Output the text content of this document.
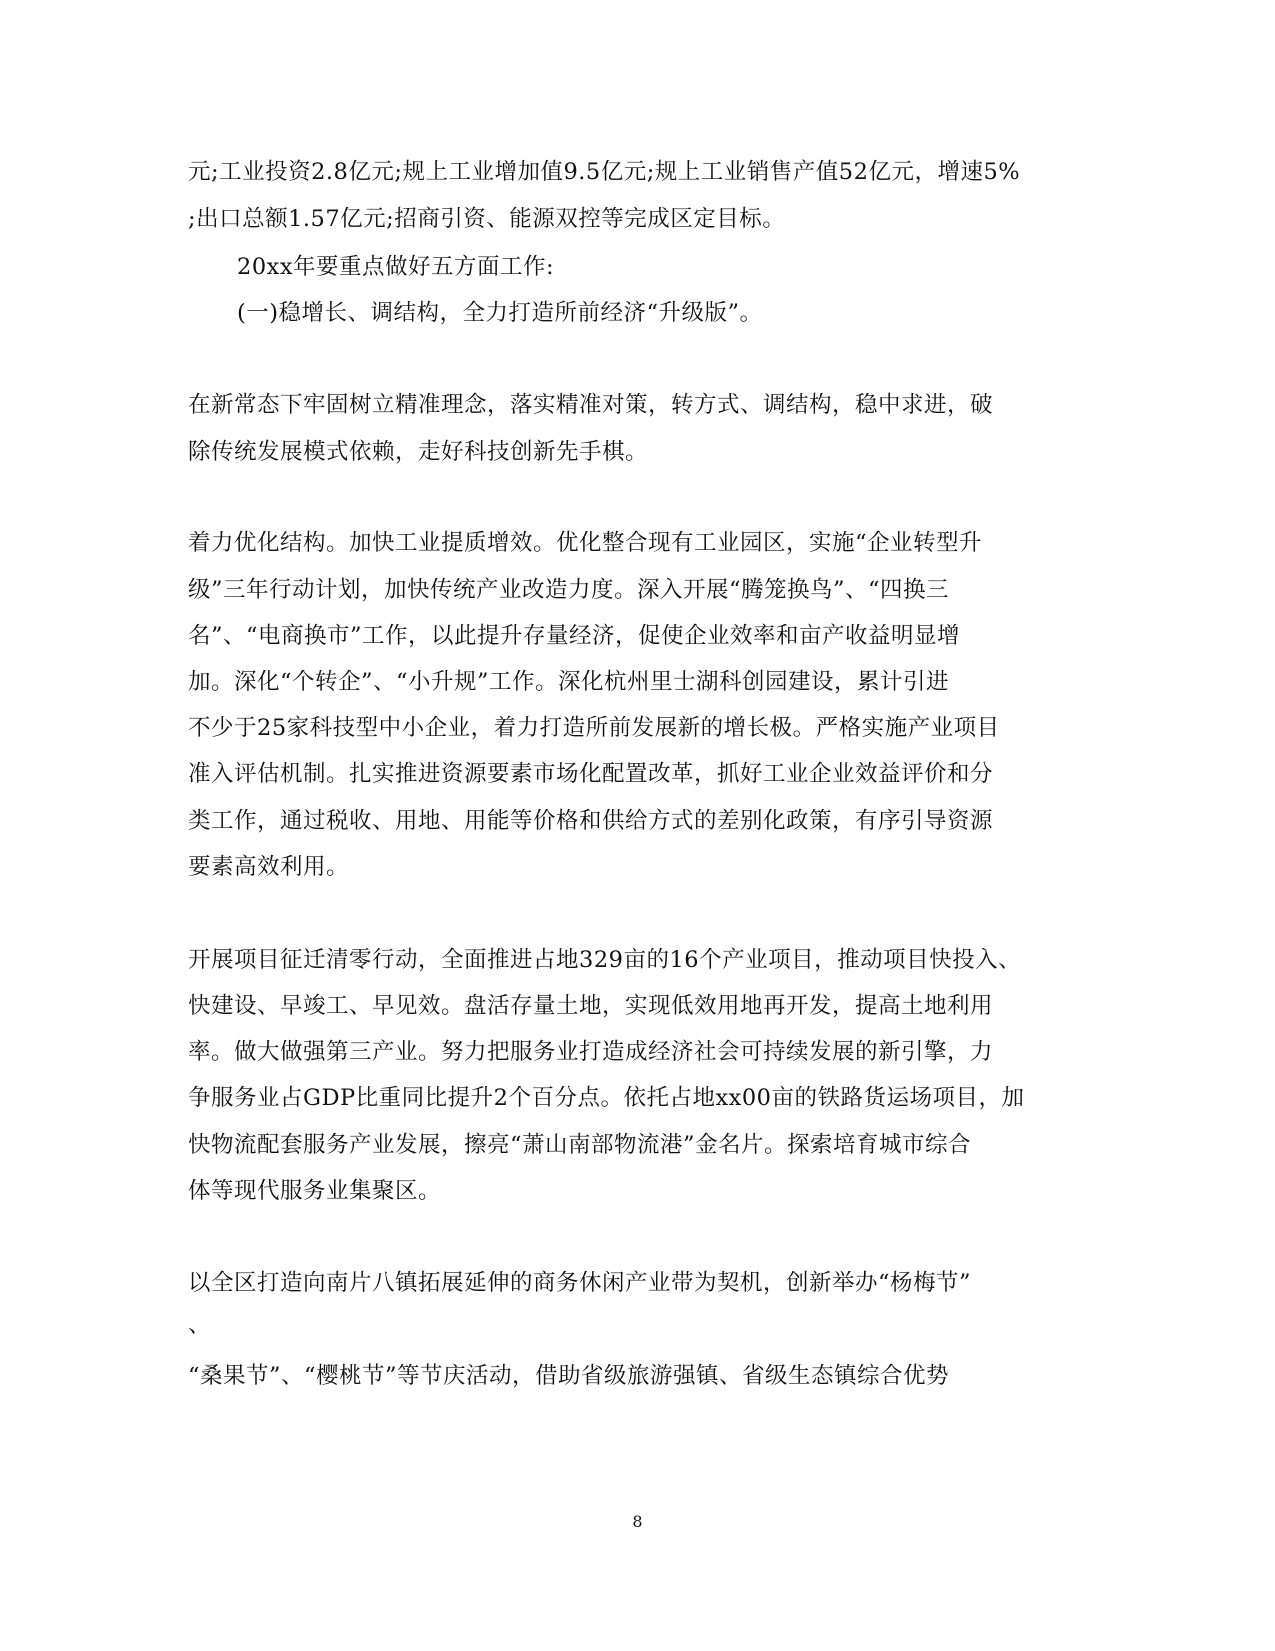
元;工业投资2.8亿元;规上工业增加值9.5亿元;规上工业销售产值52亿元，增速5%
;出口总额1.57亿元;招商引资、能源双控等完成区定目标。
20xx年要重点做好五方面工作:
(一)稳增长、调结构，全力打造所前经济“升级版”。
在新常态下牢固树立精准理念，落实精准对策，转方式、调结构，稳中求进，破
除传统发展模式依赖，走好科技创新先手棋。
着力优化结构。加快工业提质增效。优化整合现有工业园区，实施“企业转型升
级”三年行动计划，加快传统产业改造力度。深入开展“腾笼换鸟”、“四换三
名”、“电商换市”工作，以此提升存量经济，促使企业效率和亩产收益明显增
加。深化“个转企”、“小升规”工作。深化杭州里士湖科创园建设，累计引进
不少于25家科技型中小企业，着力打造所前发展新的增长极。严格实施产业项目
准入评估机制。扎实推进资源要素市场化配置改革，抓好工业企业效益评价和分
类工作，通过税收、用地、用能等价格和供给方式的差别化政策，有序引导资源
要素高效利用。
开展项目征迁清零行动，全面推进占地329亩的16个产业项目，推动项目快投入、
快建设、早竣工、早见效。盘活存量土地，实现低效用地再开发，提高土地利用
率。做大做强第三产业。努力把服务业打造成经济社会可持续发展的新引擎，力
争服务业占GDP比重同比提升2个百分点。依托占地xx00亩的铁路货运场项目，加
快物流配套服务产业发展，擦亮“萧山南部物流港”金名片。探索培育城市综合
体等现代服务业集聚区。
以全区打造向南片八镇拓展延伸的商务休闲产业带为契机，创新举办“杨梅节”
、
“桑果节”、“樱桃节”等节庆活动，借助省级旅游强镇、省级生态镇综合优势
8
